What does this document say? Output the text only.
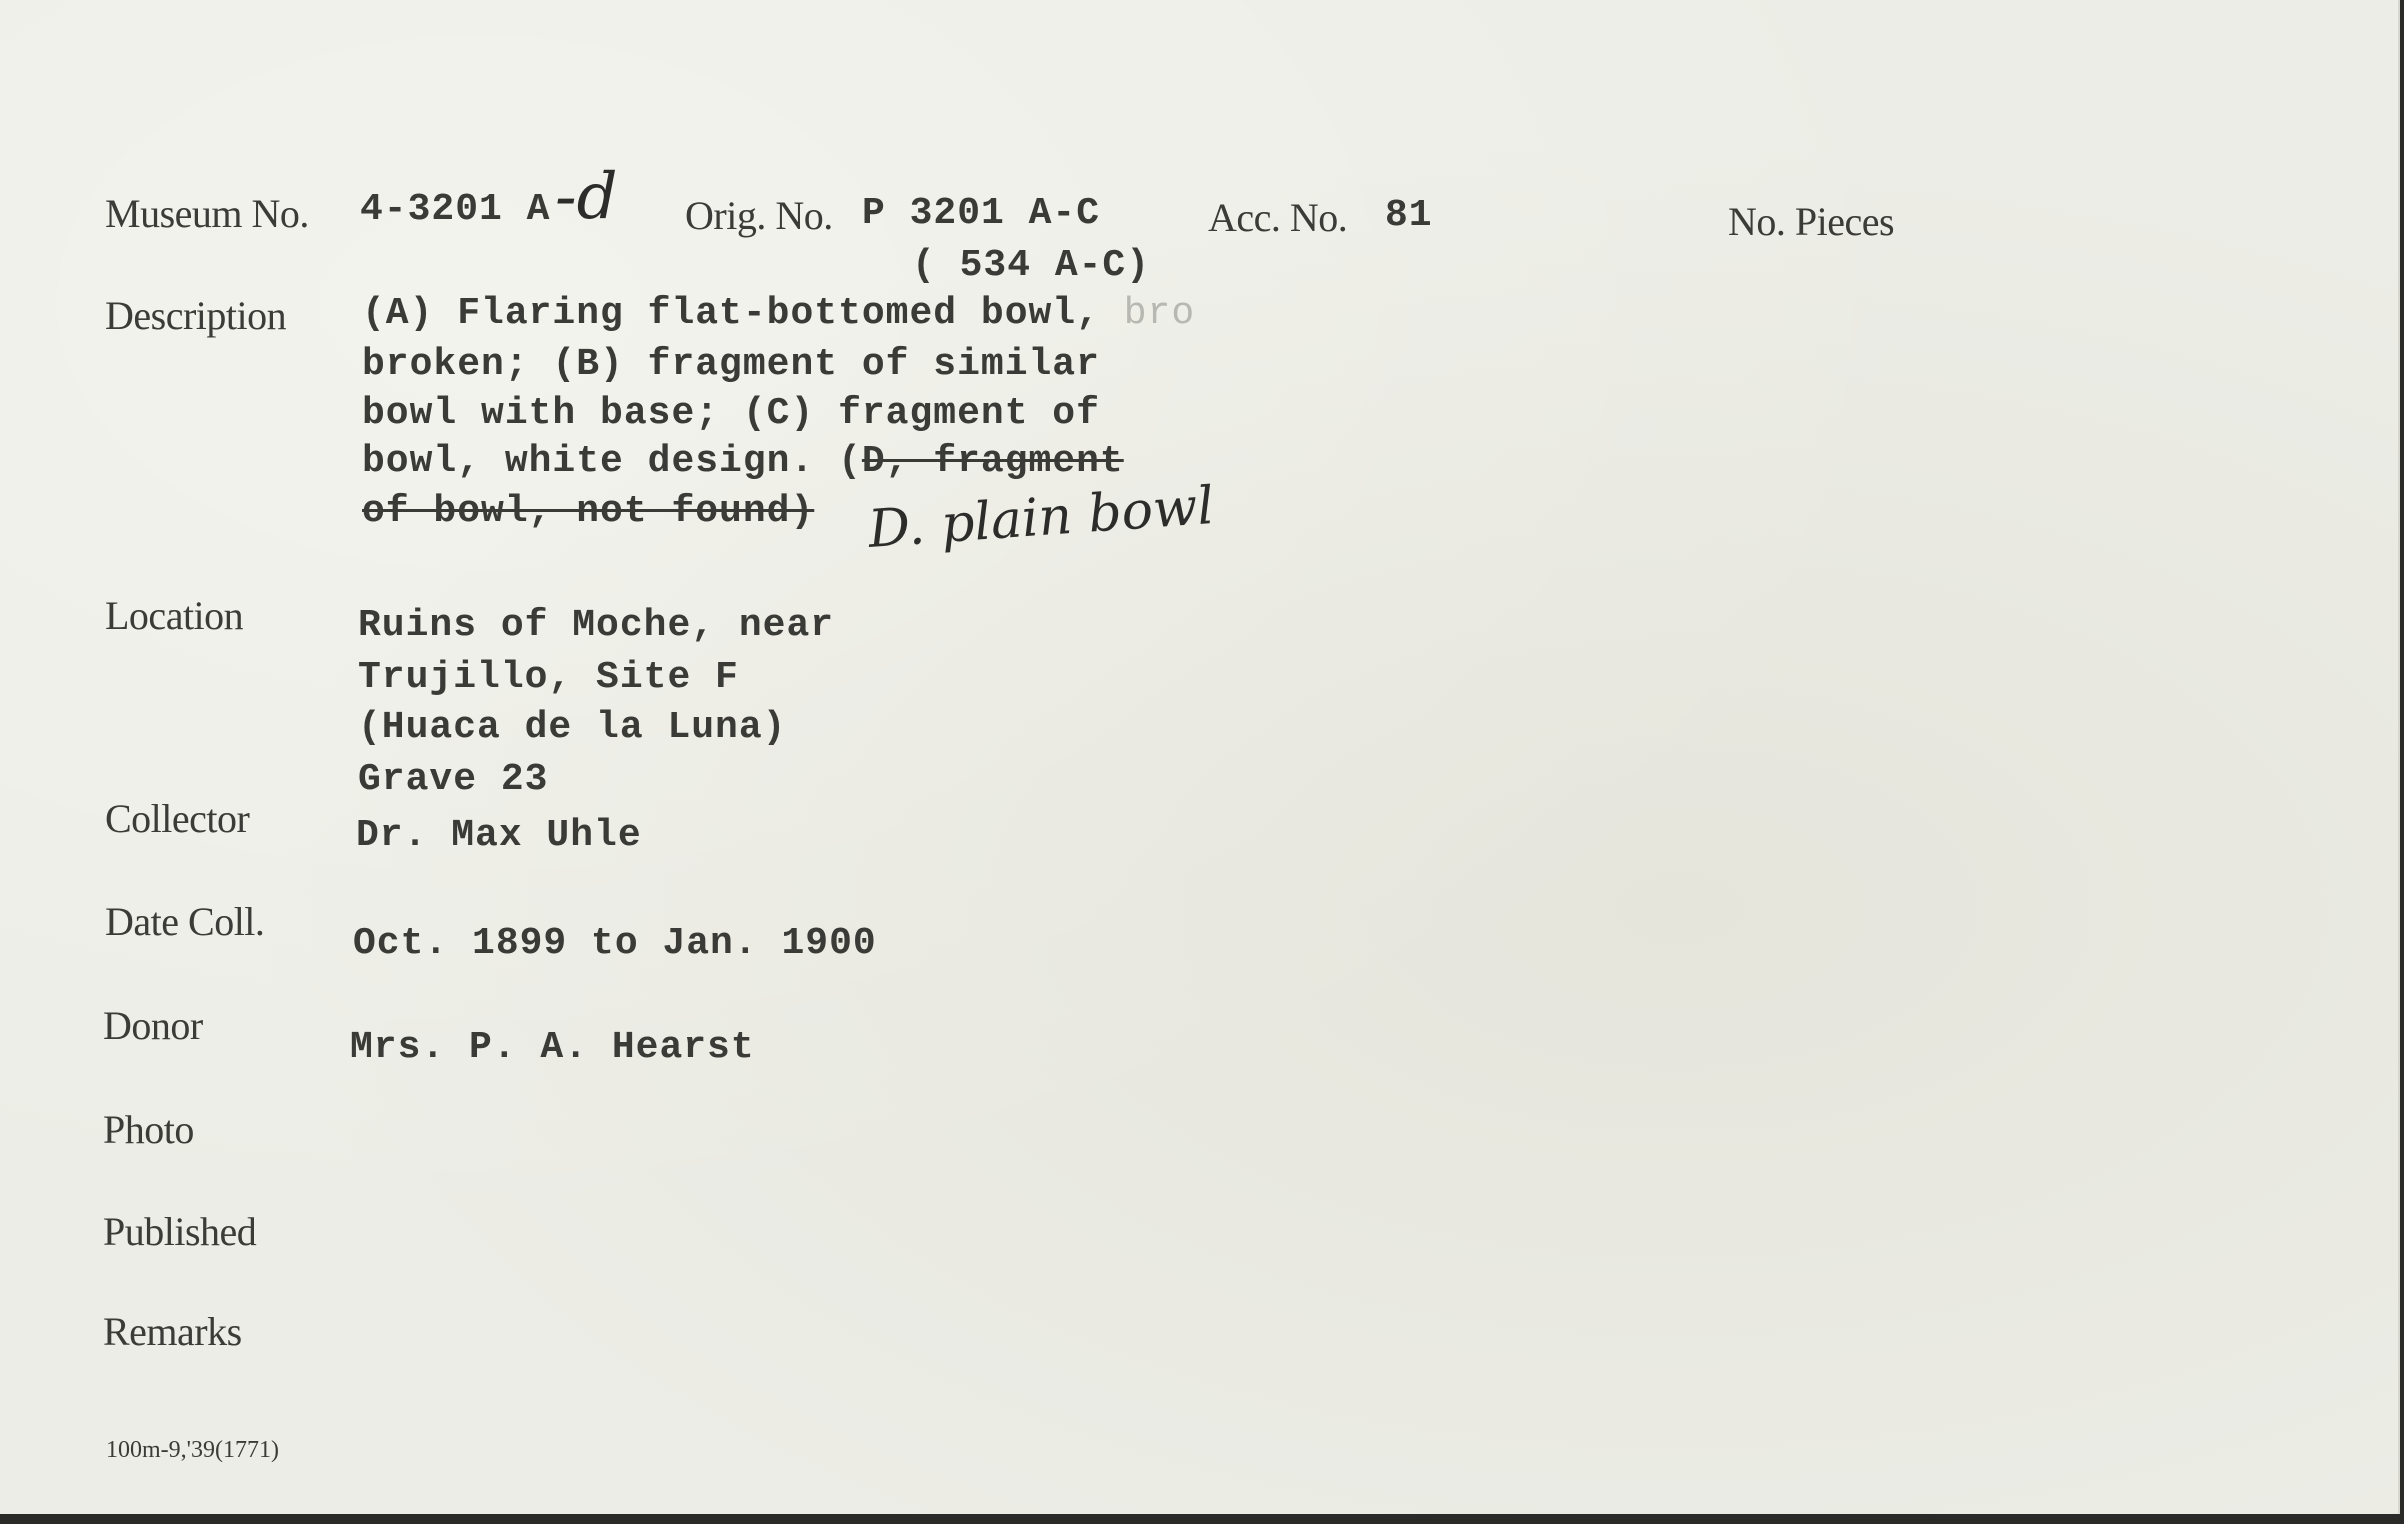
Museum No. 4-3201 A -d Orig. No. P 3201 A-C
( 534 A-C)
Acc. No. 81	No. Pieces
Description (A) Flaring flat-bottomed bowl, bro
broken; (B) fragment of similar
bowl with base; (C) fragment of
bowl, white design. (D, fragment
of bowl, not found) D. plain bowl
Location	Ruins of Moche, near
Trujillo, Site F
(Huaca de la Luna)
Grave 23
Collector	Dr. Max Uhle
Date Coll. Oct. 1899 to Jan. 1900
Donor	Mrs. P. A. Hearst
Photo
Published
Remarks
100m-9,'39(1771)
